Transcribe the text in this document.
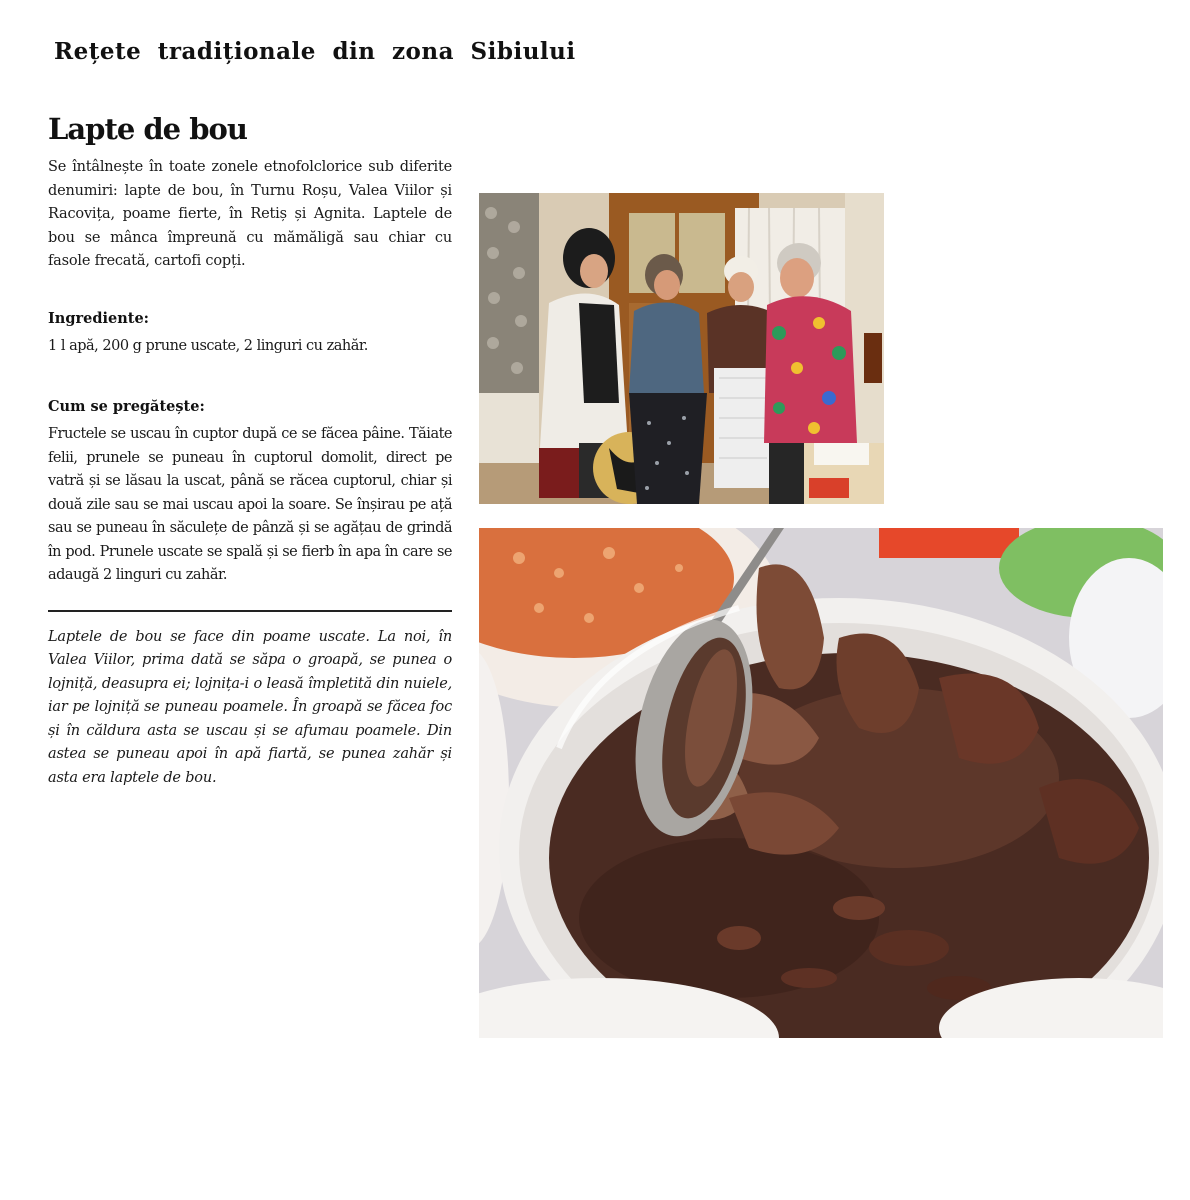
Rețete tradiționale din zona Sibiului
Lapte de bou

Se întâlnește în toate zonele etnofolclorice sub diferite denumiri: lapte de bou, în Turnu Roșu, Valea Viilor și Racovița, poame fierte, în Retiș și Agnita. Laptele de bou se mânca împreună cu mămăligă sau chiar cu fasole frecată, cartofi copți.

Ingrediente:

1 l apă, 200 g prune uscate, 2 linguri cu zahăr.

Cum se pregătește:

Fructele se uscau în cuptor după ce se făcea pâine. Tăiate felii, prunele se puneau în cuptorul domolit, direct pe vatră și se lăsau la uscat, până se răcea cuptorul, chiar și două zile sau se mai uscau apoi la soare. Se înșirau pe ață sau se puneau în săculețe de pânză și se agățau de grindă în pod. Prunele uscate se spală și se fierb în apa în care se adaugă 2 linguri cu zahăr.

Laptele de bou se face din poame uscate. La noi, în Valea Viilor, prima dată se săpa o groapă, se punea o lojniță, deasupra ei; lojnița-i o leasă împletită din nuiele, iar pe lojniță se puneau poamele. În groapă se făcea foc și în căldura asta se uscau și se afumau poamele. Din astea se puneau apoi în apă fiartă, se punea zahăr și asta era laptele de bou.
